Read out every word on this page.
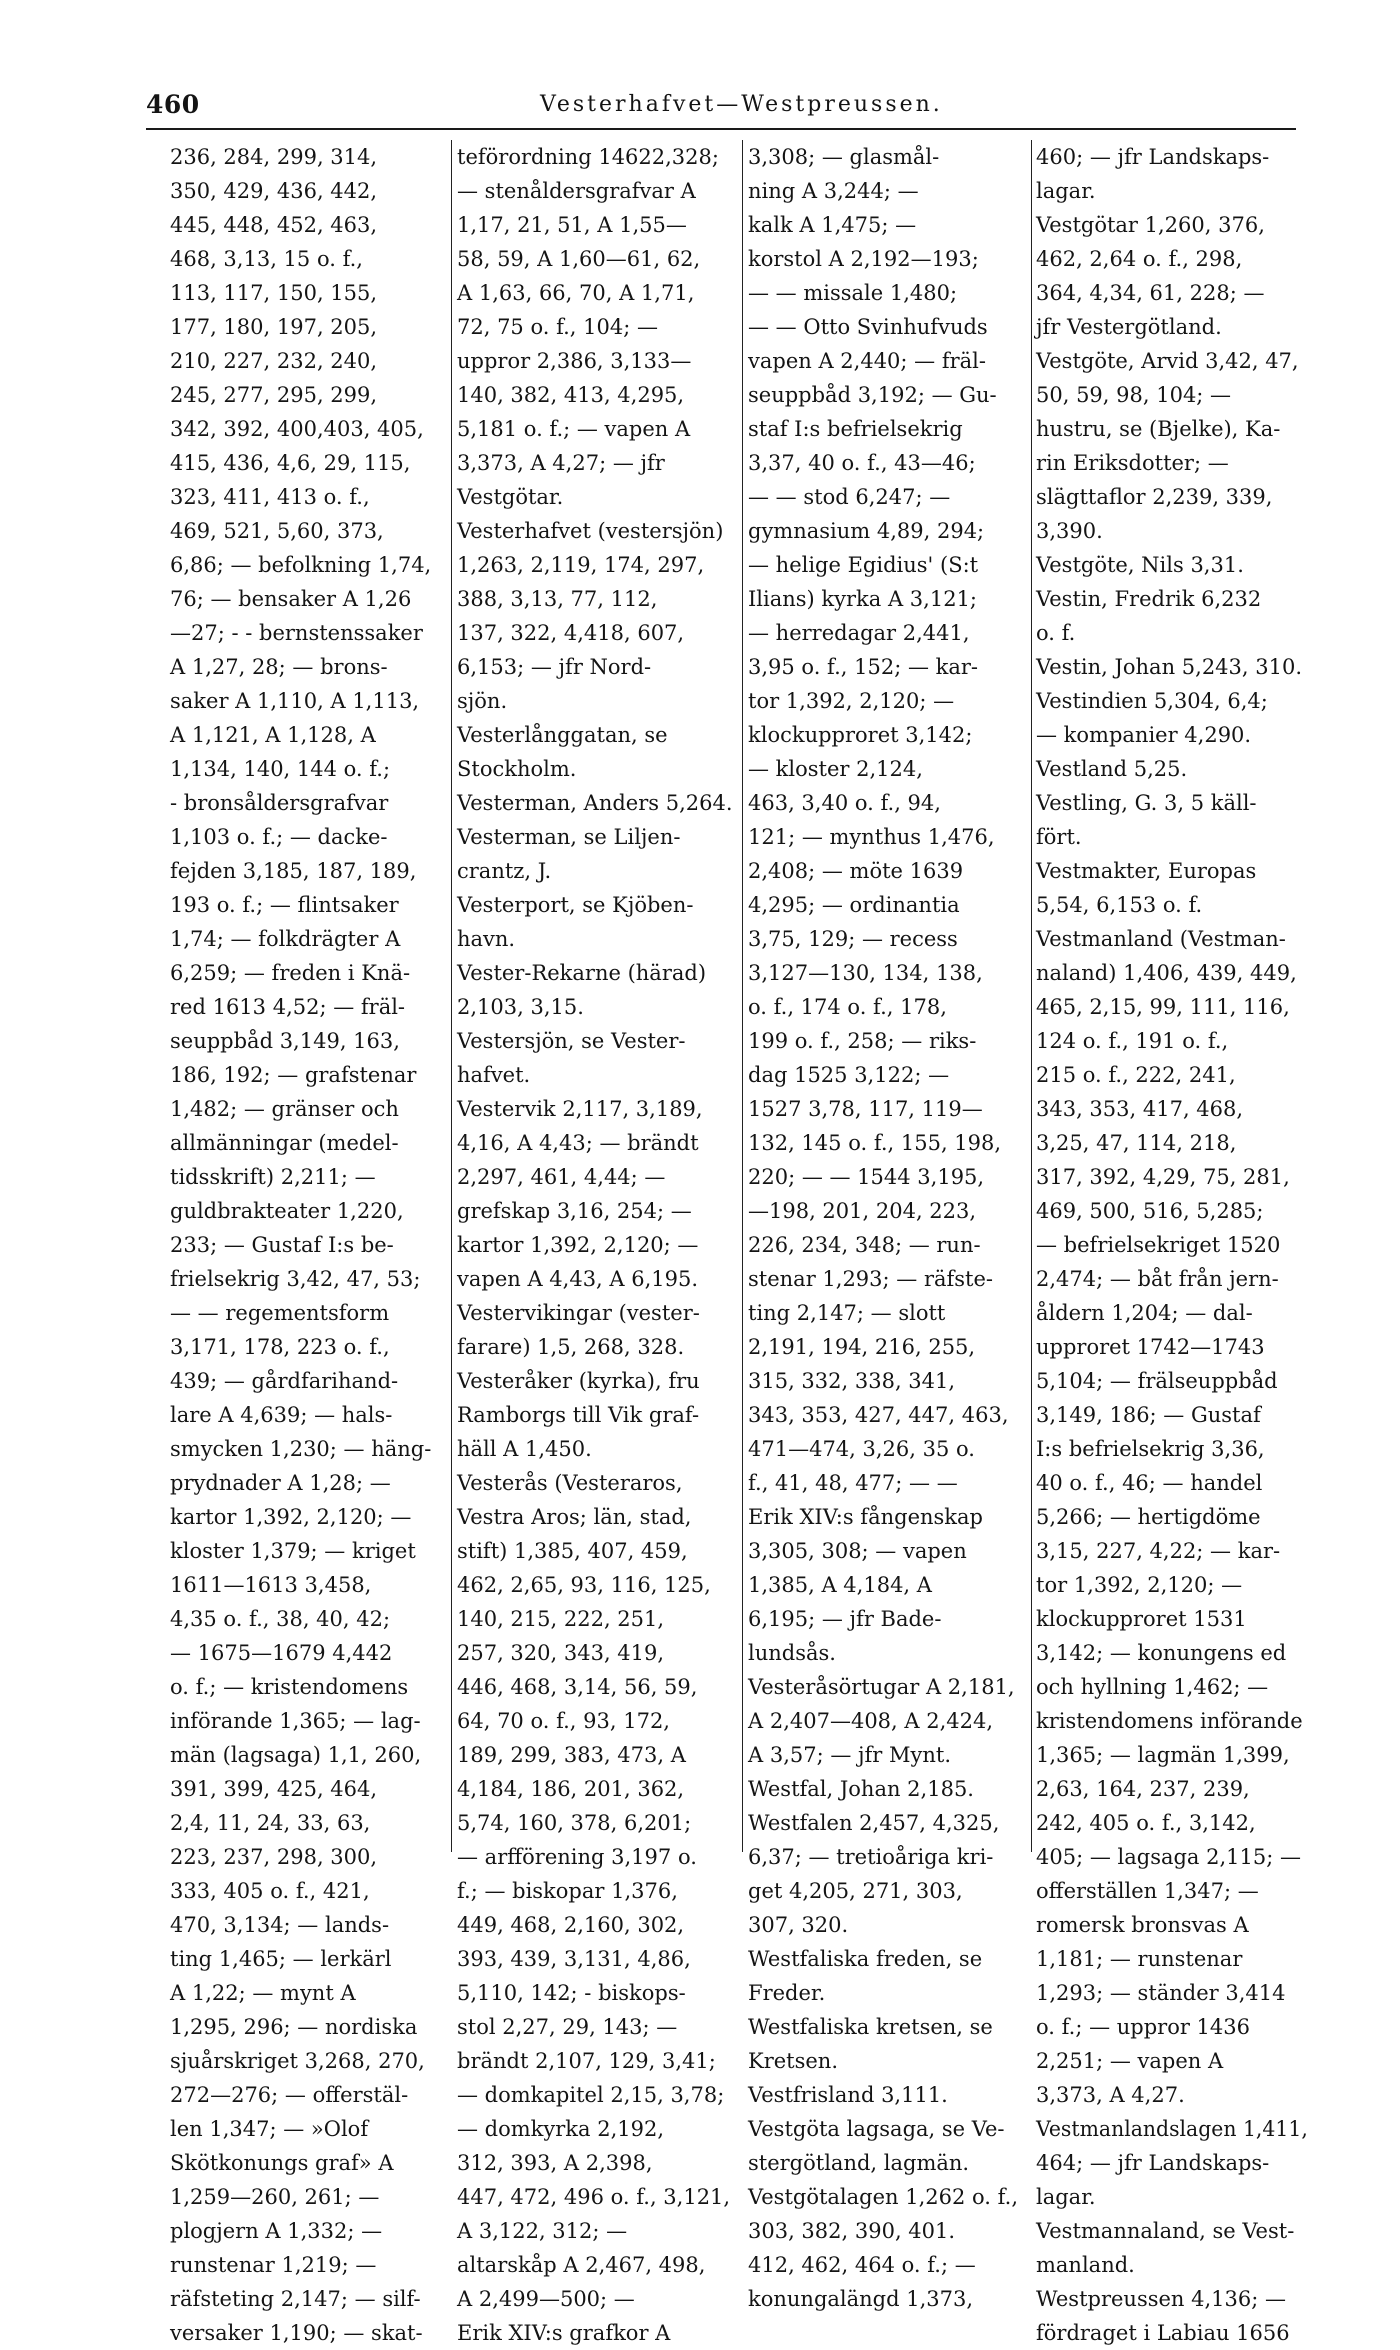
460	Vesterhafvet—Westpreussen.
236, 284, 299, 314,
350, 429, 436, 442,
445, 448, 452, 463,
468, 3,13, 15 o. f.,
113, 117, 150, 155,
177, 180, 197, 205,
210, 227, 232, 240,
245, 277, 295, 299,
342, 392, 400,403, 405,
415, 436, 4,6, 29, 115,
323, 411, 413 o. f.,
469, 521, 5,60, 373,
6,86; — befolkning 1,74,
76; — bensaker A 1,26
—27; - - bernstenssaker
A 1,27, 28; — brons-
saker A 1,110, A 1,113,
A 1,121, A 1,128, A
1,134, 140, 144 o. f.;
- bronsåldersgrafvar
1,103 o. f.; — dacke-
fejden 3,185, 187, 189,
193 o. f.; — flintsaker
1,74; — folkdrägter A
6,259; — freden i Knä-
red 1613 4,52; — fräl-
seuppbåd 3,149, 163,
186, 192; — grafstenar
1,482; — gränser och
allmänningar (medel-
tidsskrift) 2,211; —
guldbrakteater 1,220,
233; — Gustaf I:s be-
frielsekrig 3,42, 47, 53;
— — regementsform
3,171, 178, 223 o. f.,
439; — gårdfarihand-
lare A 4,639; — hals-
smycken 1,230; — häng-
prydnader A 1,28; —
kartor 1,392, 2,120; —
kloster 1,379; — kriget
1611—1613 3,458,
4,35 o. f., 38, 40, 42;
— 1675—1679 4,442
o. f.; — kristendomens
införande 1,365; — lag-
män (lagsaga) 1,1, 260,
391, 399, 425, 464,
2,4, 11, 24, 33, 63,
223, 237, 298, 300,
333, 405 o. f., 421,
470, 3,134; — lands-
ting 1,465; — lerkärl
A 1,22; — mynt A
1,295, 296; — nordiska
sjuårskriget 3,268, 270,
272—276; — offerstäl-
len 1,347; — »Olof
Skötkonungs graf» A
1,259—260, 261; —
plogjern A 1,332; —
runstenar 1,219; —
räfsteting 2,147; — silf-
versaker 1,190; — skat-
teförordning 14622,328;
— stenåldersgrafvar A
1,17, 21, 51, A 1,55—
58, 59, A 1,60—61, 62,
A 1,63, 66, 70, A 1,71,
72, 75 o. f., 104; —
uppror 2,386, 3,133—
140, 382, 413, 4,295,
5,181 o. f.; — vapen A
3,373, A 4,27; — jfr
Vestgötar.
Vesterhafvet (vestersjön)
1,263, 2,119, 174, 297,
388, 3,13, 77, 112,
137, 322, 4,418, 607,
6,153; — jfr Nord-
sjön.
Vesterlånggatan, se
Stockholm.
Vesterman, Anders 5,264.
Vesterman, se Liljen-
crantz, J.
Vesterport, se Kjöben-
havn.
Vester-Rekarne (härad)
2,103, 3,15.
Vestersjön, se Vester-
hafvet.
Vestervik 2,117, 3,189,
4,16, A 4,43; — brändt
2,297, 461, 4,44; —
grefskap 3,16, 254; —
kartor 1,392, 2,120; —
vapen A 4,43, A 6,195.
Vestervikingar (vester-
farare) 1,5, 268, 328.
Vesteråker (kyrka), fru
Ramborgs till Vik graf-
häll A 1,450.
Vesterås (Vesteraros,
Vestra Aros; län, stad,
stift) 1,385, 407, 459,
462, 2,65, 93, 116, 125,
140, 215, 222, 251,
257, 320, 343, 419,
446, 468, 3,14, 56, 59,
64, 70 o. f., 93, 172,
189, 299, 383, 473, A
4,184, 186, 201, 362,
5,74, 160, 378, 6,201;
— arfförening 3,197 o.
f.; — biskopar 1,376,
449, 468, 2,160, 302,
393, 439, 3,131, 4,86,
5,110, 142; - biskops-
stol 2,27, 29, 143; —
brändt 2,107, 129, 3,41;
— domkapitel 2,15, 3,78;
— domkyrka 2,192,
312, 393, A 2,398,
447, 472, 496 o. f., 3,121,
A 3,122, 312; —
altarskåp A 2,467, 498,
A 2,499—500; —
Erik XIV:s grafkor A
3,308; — glasmål-
ning A 3,244; —
kalk A 1,475; —
korstol A 2,192—193;
— — missale 1,480;
— — Otto Svinhufvuds
vapen A 2,440; — fräl-
seuppbåd 3,192; — Gu-
staf I:s befrielsekrig
3,37, 40 o. f., 43—46;
— — stod 6,247; —
gymnasium 4,89, 294;
— helige Egidius' (S:t
Ilians) kyrka A 3,121;
— herredagar 2,441,
3,95 o. f., 152; — kar-
tor 1,392, 2,120; —
klockupproret 3,142;
— kloster 2,124,
463, 3,40 o. f., 94,
121; — mynthus 1,476,
2,408; — möte 1639
4,295; — ordinantia
3,75, 129; — recess
3,127—130, 134, 138,
o. f., 174 o. f., 178,
199 o. f., 258; — riks-
dag 1525 3,122; —
1527 3,78, 117, 119—
132, 145 o. f., 155, 198,
220; — — 1544 3,195,
—198, 201, 204, 223,
226, 234, 348; — run-
stenar 1,293; — räfste-
ting 2,147; — slott
2,191, 194, 216, 255,
315, 332, 338, 341,
343, 353, 427, 447, 463,
471—474, 3,26, 35 o.
f., 41, 48, 477; — —
Erik XIV:s fångenskap
3,305, 308; — vapen
1,385, A 4,184, A
6,195; — jfr Bade-
lundsås.
Vesteråsörtugar A 2,181,
A 2,407—408, A 2,424,
A 3,57; — jfr Mynt.
Westfal, Johan 2,185.
Westfalen 2,457, 4,325,
6,37; — tretioåriga kri-
get 4,205, 271, 303,
307, 320.
Westfaliska freden, se
Freder.
Westfaliska kretsen, se
Kretsen.
Vestfrisland 3,111.
Vestgöta lagsaga, se Ve-
stergötland, lagmän.
Vestgötalagen 1,262 o. f.,
303, 382, 390, 401.
412, 462, 464 o. f.; —
konungalängd 1,373,
460; — jfr Landskaps-
lagar.
Vestgötar 1,260, 376,
462, 2,64 o. f., 298,
364, 4,34, 61, 228; —
jfr Vestergötland.
Vestgöte, Arvid 3,42, 47,
50, 59, 98, 104; —
hustru, se (Bjelke), Ka-
rin Eriksdotter; —
slägttaflor 2,239, 339,
3,390.
Vestgöte, Nils 3,31.
Vestin, Fredrik 6,232
o. f.
Vestin, Johan 5,243, 310.
Vestindien 5,304, 6,4;
— kompanier 4,290.
Vestland 5,25.
Vestling, G. 3, 5 käll-
fört.
Vestmakter, Europas
5,54, 6,153 o. f.
Vestmanland (Vestman-
naland) 1,406, 439, 449,
465, 2,15, 99, 111, 116,
124 o. f., 191 o. f.,
215 o. f., 222, 241,
343, 353, 417, 468,
3,25, 47, 114, 218,
317, 392, 4,29, 75, 281,
469, 500, 516, 5,285;
— befrielsekriget 1520
2,474; — båt från jern-
åldern 1,204; — dal-
upproret 1742—1743
5,104; — frälseuppbåd
3,149, 186; — Gustaf
I:s befrielsekrig 3,36,
40 o. f., 46; — handel
5,266; — hertigdöme
3,15, 227, 4,22; — kar-
tor 1,392, 2,120; —
klockupproret 1531
3,142; — konungens ed
och hyllning 1,462; —
kristendomens införande
1,365; — lagmän 1,399,
2,63, 164, 237, 239,
242, 405 o. f., 3,142,
405; — lagsaga 2,115; —
offerställen 1,347; —
romersk bronsvas A
1,181; — runstenar
1,293; — ständer 3,414
o. f.; — uppror 1436
2,251; — vapen A
3,373, A 4,27.
Vestmanlandslagen 1,411,
464; — jfr Landskaps-
lagar.
Vestmannaland, se Vest-
manland.
Westpreussen 4,136; —
fördraget i Labiau 1656
